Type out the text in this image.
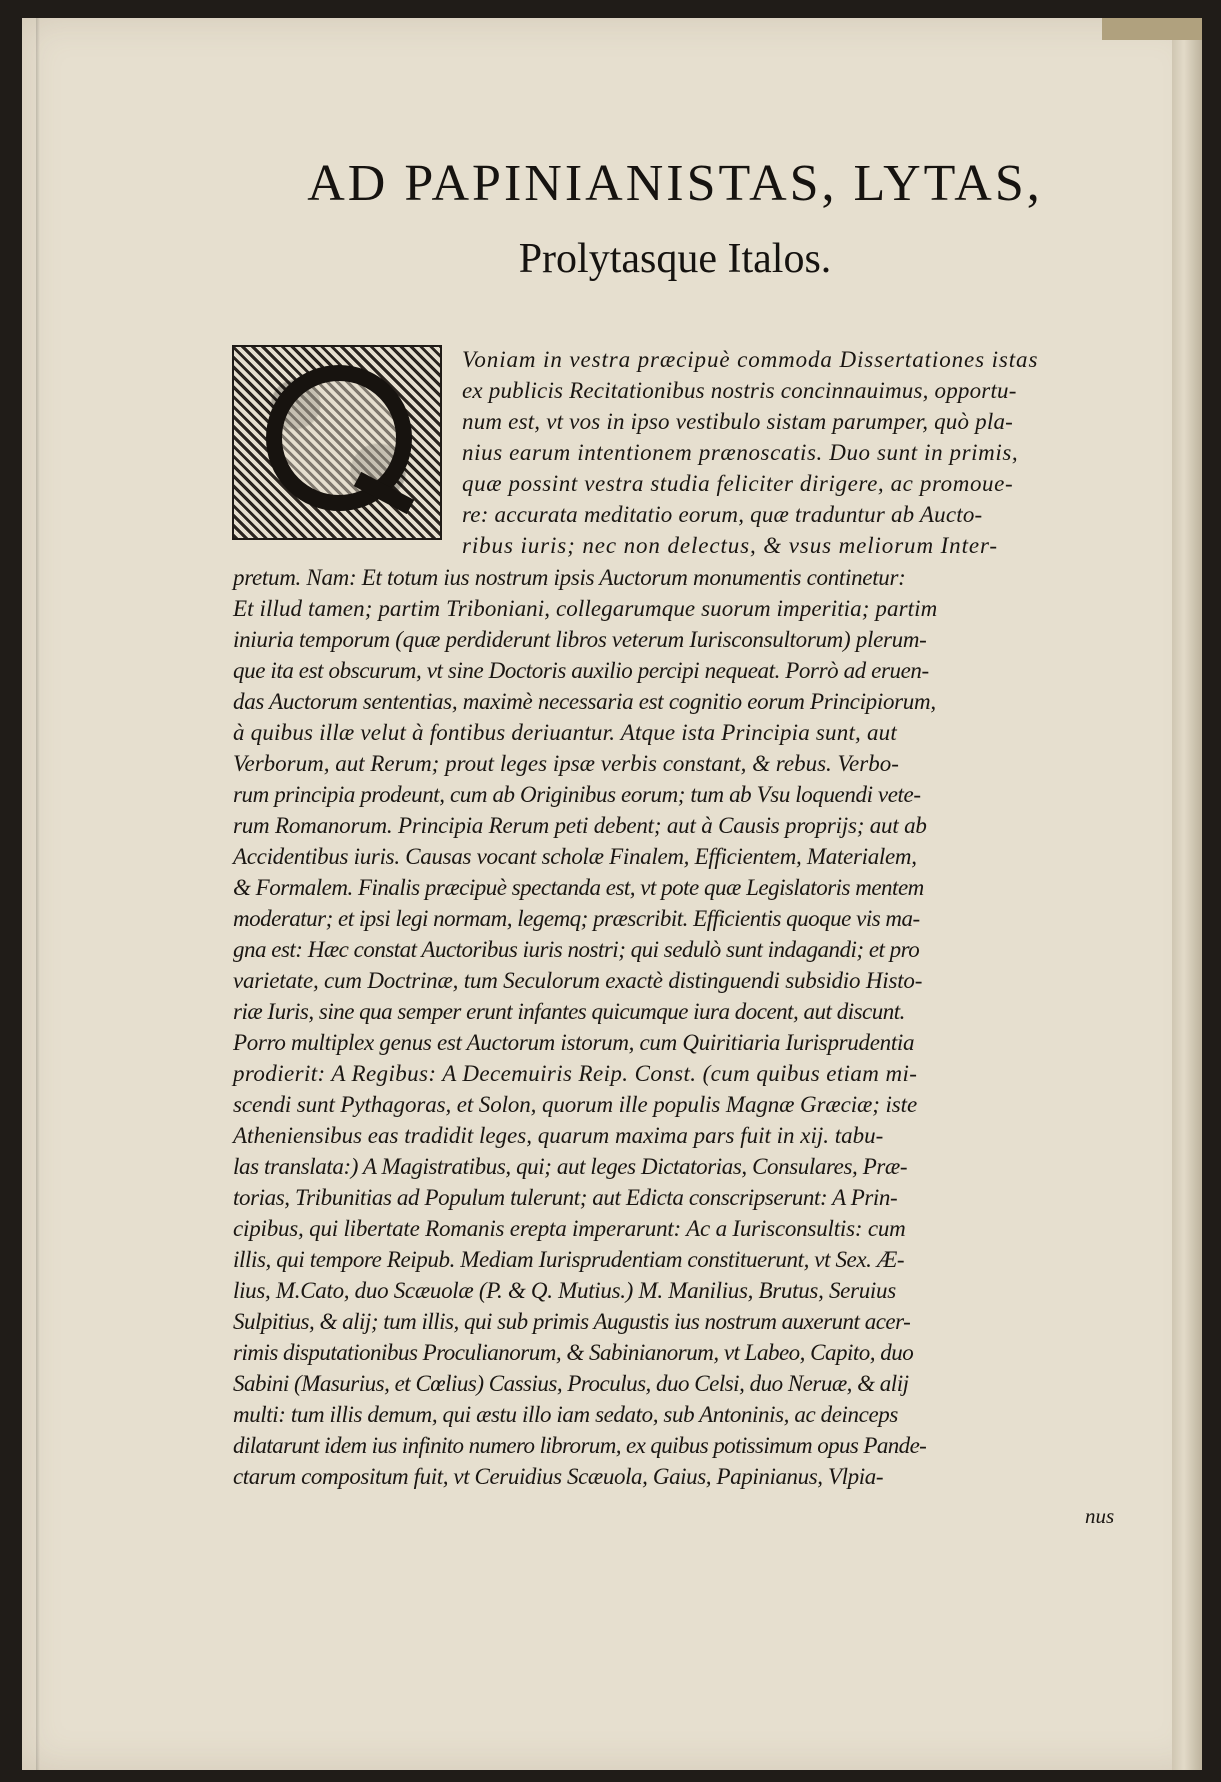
AD PAPINIANISTAS, LYTAS,
Prolytasque Italos.
Voniam in vestra præcipuè commoda Dissertationes istas
ex publicis Recitationibus nostris concinnauimus, opportu-
num est, vt vos in ipso vestibulo sistam parumper, quò pla-
nius earum intentionem prænoscatis. Duo sunt in primis,
quæ possint vestra studia feliciter dirigere, ac promoue-
re: accurata meditatio eorum, quæ traduntur ab Aucto-
ribus iuris; nec non delectus, & vsus meliorum Inter-
pretum. Nam: Et totum ius nostrum ipsis Auctorum monumentis continetur:
Et illud tamen; partim Triboniani, collegarumque suorum imperitia; partim
iniuria temporum (quæ perdiderunt libros veterum Iurisconsultorum) plerum-
que ita est obscurum, vt sine Doctoris auxilio percipi nequeat. Porrò ad eruen-
das Auctorum sententias, maximè necessaria est cognitio eorum Principiorum,
à quibus illæ velut à fontibus deriuantur. Atque ista Principia sunt, aut
Verborum, aut Rerum; prout leges ipsæ verbis constant, & rebus. Verbo-
rum principia prodeunt, cum ab Originibus eorum; tum ab Vsu loquendi vete-
rum Romanorum. Principia Rerum peti debent; aut à Causis proprijs; aut ab
Accidentibus iuris. Causas vocant scholæ Finalem, Efficientem, Materialem,
& Formalem. Finalis præcipuè spectanda est, vt pote quæ Legislatoris mentem
moderatur; et ipsi legi normam, legemq; præscribit. Efficientis quoque vis ma-
gna est: Hæc constat Auctoribus iuris nostri; qui sedulò sunt indagandi; et pro
varietate, cum Doctrinæ, tum Seculorum exactè distinguendi subsidio Histo-
riæ Iuris, sine qua semper erunt infantes quicumque iura docent, aut discunt.
Porro multiplex genus est Auctorum istorum, cum Quiritiaria Iurisprudentia
prodierit: A Regibus: A Decemuiris Reip. Const. (cum quibus etiam mi-
scendi sunt Pythagoras, et Solon, quorum ille populis Magnæ Græciæ; iste
Atheniensibus eas tradidit leges, quarum maxima pars fuit in xij. tabu-
las translata:) A Magistratibus, qui; aut leges Dictatorias, Consulares, Præ-
torias, Tribunitias ad Populum tulerunt; aut Edicta conscripserunt: A Prin-
cipibus, qui libertate Romanis erepta imperarunt: Ac a Iurisconsultis: cum
illis, qui tempore Reipub. Mediam Iurisprudentiam constituerunt, vt Sex. Æ-
lius, M.Cato, duo Scæuolæ (P. & Q. Mutius.) M. Manilius, Brutus, Seruius
Sulpitius, & alij; tum illis, qui sub primis Augustis ius nostrum auxerunt acer-
rimis disputationibus Proculianorum, & Sabinianorum, vt Labeo, Capito, duo
Sabini (Masurius, et Cœlius) Cassius, Proculus, duo Celsi, duo Neruæ, & alij
multi: tum illis demum, qui æstu illo iam sedato, sub Antoninis, ac deinceps
dilatarunt idem ius infinito numero librorum, ex quibus potissimum opus Pande-
ctarum compositum fuit, vt Ceruidius Scæuola, Gaius, Papinianus, Vlpia-
nus
